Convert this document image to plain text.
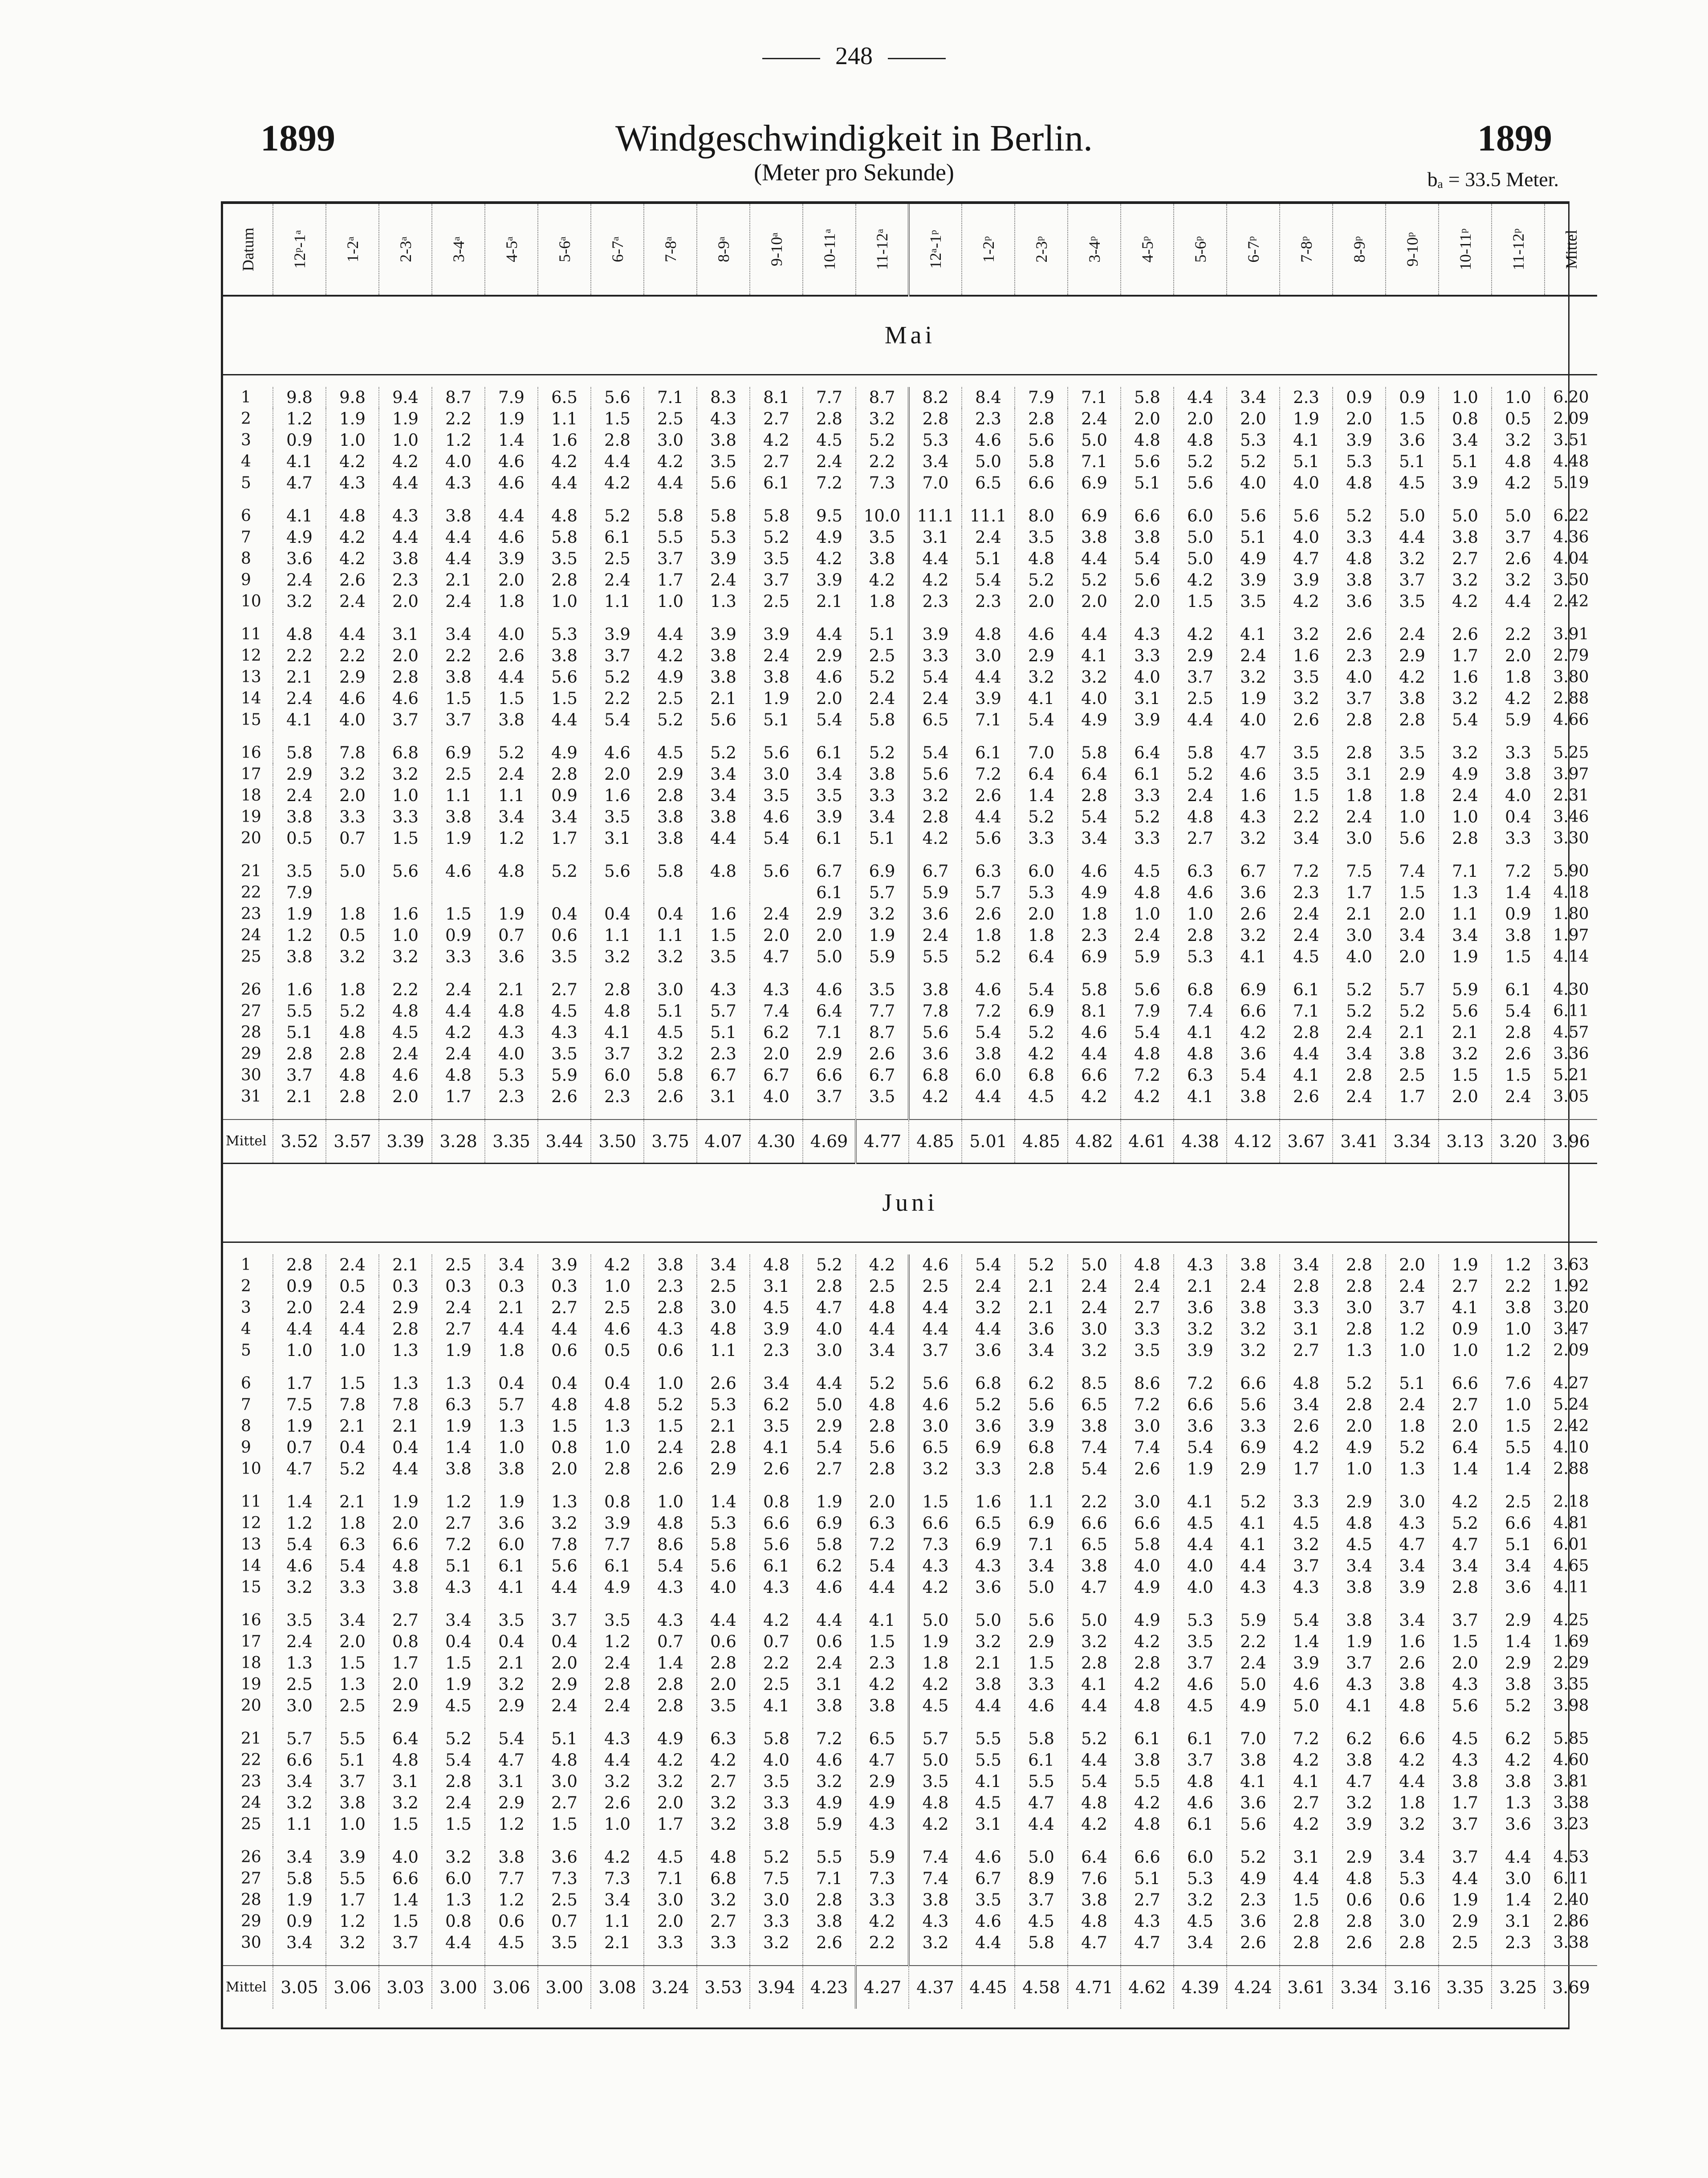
248
1899	Windgeschwindigkeit in Berlin.	1899
(Meter pro Sekunde)	bₐ = 33.5 Meter.
Datum	12ᵖ-1ᵃ	1-2ᵃ	2-3ᵃ	3-4ᵃ	4-5ᵃ	5-6ᵃ	6-7ᵃ	7-8ᵃ	8-9ᵃ	9-10ᵃ	10-11ᵃ	11-12ᵃ	12ᵃ-1ᵖ	1-2ᵖ	2-3ᵖ	3-4ᵖ	4-5ᵖ	5-6ᵖ	6-7ᵖ	7-8ᵖ	8-9ᵖ	9-10ᵖ	10-11ᵖ	11-12ᵖ	Mittel

Mai																									

1	9.8	9.8	9.4	8.7	7.9	6.5	5.6	7.1	8.3	8.1	7.7	8.7	8.2	8.4	7.9	7.1	5.8	4.4	3.4	2.3	0.9	0.9	1.0	1.0	6.20
2	1.2	1.9	1.9	2.2	1.9	1.1	1.5	2.5	4.3	2.7	2.8	3.2	2.8	2.3	2.8	2.4	2.0	2.0	2.0	1.9	2.0	1.5	0.8	0.5	2.09
3	0.9	1.0	1.0	1.2	1.4	1.6	2.8	3.0	3.8	4.2	4.5	5.2	5.3	4.6	5.6	5.0	4.8	4.8	5.3	4.1	3.9	3.6	3.4	3.2	3.51
4	4.1	4.2	4.2	4.0	4.6	4.2	4.4	4.2	3.5	2.7	2.4	2.2	3.4	5.0	5.8	7.1	5.6	5.2	5.2	5.1	5.3	5.1	5.1	4.8	4.48
5	4.7	4.3	4.4	4.3	4.6	4.4	4.2	4.4	5.6	6.1	7.2	7.3	7.0	6.5	6.6	6.9	5.1	5.6	4.0	4.0	4.8	4.5	3.9	4.2	5.19

6	4.1	4.8	4.3	3.8	4.4	4.8	5.2	5.8	5.8	5.8	9.5	10.0	11.1	11.1	8.0	6.9	6.6	6.0	5.6	5.6	5.2	5.0	5.0	5.0	6.22
7	4.9	4.2	4.4	4.4	4.6	5.8	6.1	5.5	5.3	5.2	4.9	3.5	3.1	2.4	3.5	3.8	3.8	5.0	5.1	4.0	3.3	4.4	3.8	3.7	4.36
8	3.6	4.2	3.8	4.4	3.9	3.5	2.5	3.7	3.9	3.5	4.2	3.8	4.4	5.1	4.8	4.4	5.4	5.0	4.9	4.7	4.8	3.2	2.7	2.6	4.04
9	2.4	2.6	2.3	2.1	2.0	2.8	2.4	1.7	2.4	3.7	3.9	4.2	4.2	5.4	5.2	5.2	5.6	4.2	3.9	3.9	3.8	3.7	3.2	3.2	3.50
10	3.2	2.4	2.0	2.4	1.8	1.0	1.1	1.0	1.3	2.5	2.1	1.8	2.3	2.3	2.0	2.0	2.0	1.5	3.5	4.2	3.6	3.5	4.2	4.4	2.42

11	4.8	4.4	3.1	3.4	4.0	5.3	3.9	4.4	3.9	3.9	4.4	5.1	3.9	4.8	4.6	4.4	4.3	4.2	4.1	3.2	2.6	2.4	2.6	2.2	3.91
12	2.2	2.2	2.0	2.2	2.6	3.8	3.7	4.2	3.8	2.4	2.9	2.5	3.3	3.0	2.9	4.1	3.3	2.9	2.4	1.6	2.3	2.9	1.7	2.0	2.79
13	2.1	2.9	2.8	3.8	4.4	5.6	5.2	4.9	3.8	3.8	4.6	5.2	5.4	4.4	3.2	3.2	4.0	3.7	3.2	3.5	4.0	4.2	1.6	1.8	3.80
14	2.4	4.6	4.6	1.5	1.5	1.5	2.2	2.5	2.1	1.9	2.0	2.4	2.4	3.9	4.1	4.0	3.1	2.5	1.9	3.2	3.7	3.8	3.2	4.2	2.88
15	4.1	4.0	3.7	3.7	3.8	4.4	5.4	5.2	5.6	5.1	5.4	5.8	6.5	7.1	5.4	4.9	3.9	4.4	4.0	2.6	2.8	2.8	5.4	5.9	4.66

16	5.8	7.8	6.8	6.9	5.2	4.9	4.6	4.5	5.2	5.6	6.1	5.2	5.4	6.1	7.0	5.8	6.4	5.8	4.7	3.5	2.8	3.5	3.2	3.3	5.25
17	2.9	3.2	3.2	2.5	2.4	2.8	2.0	2.9	3.4	3.0	3.4	3.8	5.6	7.2	6.4	6.4	6.1	5.2	4.6	3.5	3.1	2.9	4.9	3.8	3.97
18	2.4	2.0	1.0	1.1	1.1	0.9	1.6	2.8	3.4	3.5	3.5	3.3	3.2	2.6	1.4	2.8	3.3	2.4	1.6	1.5	1.8	1.8	2.4	4.0	2.31
19	3.8	3.3	3.3	3.8	3.4	3.4	3.5	3.8	3.8	4.6	3.9	3.4	2.8	4.4	5.2	5.4	5.2	4.8	4.3	2.2	2.4	1.0	1.0	0.4	3.46
20	0.5	0.7	1.5	1.9	1.2	1.7	3.1	3.8	4.4	5.4	6.1	5.1	4.2	5.6	3.3	3.4	3.3	2.7	3.2	3.4	3.0	5.6	2.8	3.3	3.30

21	3.5	5.0	5.6	4.6	4.8	5.2	5.6	5.8	4.8	5.6	6.7	6.9	6.7	6.3	6.0	4.6	4.5	6.3	6.7	7.2	7.5	7.4	7.1	7.2	5.90
22	7.9										6.1	5.7	5.9	5.7	5.3	4.9	4.8	4.6	3.6	2.3	1.7	1.5	1.3	1.4	4.18
23	1.9	1.8	1.6	1.5	1.9	0.4	0.4	0.4	1.6	2.4	2.9	3.2	3.6	2.6	2.0	1.8	1.0	1.0	2.6	2.4	2.1	2.0	1.1	0.9	1.80
24	1.2	0.5	1.0	0.9	0.7	0.6	1.1	1.1	1.5	2.0	2.0	1.9	2.4	1.8	1.8	2.3	2.4	2.8	3.2	2.4	3.0	3.4	3.4	3.8	1.97
25	3.8	3.2	3.2	3.3	3.6	3.5	3.2	3.2	3.5	4.7	5.0	5.9	5.5	5.2	6.4	6.9	5.9	5.3	4.1	4.5	4.0	2.0	1.9	1.5	4.14

26	1.6	1.8	2.2	2.4	2.1	2.7	2.8	3.0	4.3	4.3	4.6	3.5	3.8	4.6	5.4	5.8	5.6	6.8	6.9	6.1	5.2	5.7	5.9	6.1	4.30
27	5.5	5.2	4.8	4.4	4.8	4.5	4.8	5.1	5.7	7.4	6.4	7.7	7.8	7.2	6.9	8.1	7.9	7.4	6.6	7.1	5.2	5.2	5.6	5.4	6.11
28	5.1	4.8	4.5	4.2	4.3	4.3	4.1	4.5	5.1	6.2	7.1	8.7	5.6	5.4	5.2	4.6	5.4	4.1	4.2	2.8	2.4	2.1	2.1	2.8	4.57
29	2.8	2.8	2.4	2.4	4.0	3.5	3.7	3.2	2.3	2.0	2.9	2.6	3.6	3.8	4.2	4.4	4.8	4.8	3.6	4.4	3.4	3.8	3.2	2.6	3.36
30	3.7	4.8	4.6	4.8	5.3	5.9	6.0	5.8	6.7	6.7	6.6	6.7	6.8	6.0	6.8	6.6	7.2	6.3	5.4	4.1	2.8	2.5	1.5	1.5	5.21
31	2.1	2.8	2.0	1.7	2.3	2.6	2.3	2.6	3.1	4.0	3.7	3.5	4.2	4.4	4.5	4.2	4.2	4.1	3.8	2.6	2.4	1.7	2.0	2.4	3.05

Mittel	3.52	3.57	3.39	3.28	3.35	3.44	3.50	3.75	4.07	4.30	4.69	4.77	4.85	5.01	4.85	4.82	4.61	4.38	4.12	3.67	3.41	3.34	3.13	3.20	3.96
Juni																									

1	2.8	2.4	2.1	2.5	3.4	3.9	4.2	3.8	3.4	4.8	5.2	4.2	4.6	5.4	5.2	5.0	4.8	4.3	3.8	3.4	2.8	2.0	1.9	1.2	3.63
2	0.9	0.5	0.3	0.3	0.3	0.3	1.0	2.3	2.5	3.1	2.8	2.5	2.5	2.4	2.1	2.4	2.4	2.1	2.4	2.8	2.8	2.4	2.7	2.2	1.92
3	2.0	2.4	2.9	2.4	2.1	2.7	2.5	2.8	3.0	4.5	4.7	4.8	4.4	3.2	2.1	2.4	2.7	3.6	3.8	3.3	3.0	3.7	4.1	3.8	3.20
4	4.4	4.4	2.8	2.7	4.4	4.4	4.6	4.3	4.8	3.9	4.0	4.4	4.4	4.4	3.6	3.0	3.3	3.2	3.2	3.1	2.8	1.2	0.9	1.0	3.47
5	1.0	1.0	1.3	1.9	1.8	0.6	0.5	0.6	1.1	2.3	3.0	3.4	3.7	3.6	3.4	3.2	3.5	3.9	3.2	2.7	1.3	1.0	1.0	1.2	2.09

6	1.7	1.5	1.3	1.3	0.4	0.4	0.4	1.0	2.6	3.4	4.4	5.2	5.6	6.8	6.2	8.5	8.6	7.2	6.6	4.8	5.2	5.1	6.6	7.6	4.27
7	7.5	7.8	7.8	6.3	5.7	4.8	4.8	5.2	5.3	6.2	5.0	4.8	4.6	5.2	5.6	6.5	7.2	6.6	5.6	3.4	2.8	2.4	2.7	1.0	5.24
8	1.9	2.1	2.1	1.9	1.3	1.5	1.3	1.5	2.1	3.5	2.9	2.8	3.0	3.6	3.9	3.8	3.0	3.6	3.3	2.6	2.0	1.8	2.0	1.5	2.42
9	0.7	0.4	0.4	1.4	1.0	0.8	1.0	2.4	2.8	4.1	5.4	5.6	6.5	6.9	6.8	7.4	7.4	5.4	6.9	4.2	4.9	5.2	6.4	5.5	4.10
10	4.7	5.2	4.4	3.8	3.8	2.0	2.8	2.6	2.9	2.6	2.7	2.8	3.2	3.3	2.8	5.4	2.6	1.9	2.9	1.7	1.0	1.3	1.4	1.4	2.88

11	1.4	2.1	1.9	1.2	1.9	1.3	0.8	1.0	1.4	0.8	1.9	2.0	1.5	1.6	1.1	2.2	3.0	4.1	5.2	3.3	2.9	3.0	4.2	2.5	2.18
12	1.2	1.8	2.0	2.7	3.6	3.2	3.9	4.8	5.3	6.6	6.9	6.3	6.6	6.5	6.9	6.6	6.6	4.5	4.1	4.5	4.8	4.3	5.2	6.6	4.81
13	5.4	6.3	6.6	7.2	6.0	7.8	7.7	8.6	5.8	5.6	5.8	7.2	7.3	6.9	7.1	6.5	5.8	4.4	4.1	3.2	4.5	4.7	4.7	5.1	6.01
14	4.6	5.4	4.8	5.1	6.1	5.6	6.1	5.4	5.6	6.1	6.2	5.4	4.3	4.3	3.4	3.8	4.0	4.0	4.4	3.7	3.4	3.4	3.4	3.4	4.65
15	3.2	3.3	3.8	4.3	4.1	4.4	4.9	4.3	4.0	4.3	4.6	4.4	4.2	3.6	5.0	4.7	4.9	4.0	4.3	4.3	3.8	3.9	2.8	3.6	4.11

16	3.5	3.4	2.7	3.4	3.5	3.7	3.5	4.3	4.4	4.2	4.4	4.1	5.0	5.0	5.6	5.0	4.9	5.3	5.9	5.4	3.8	3.4	3.7	2.9	4.25
17	2.4	2.0	0.8	0.4	0.4	0.4	1.2	0.7	0.6	0.7	0.6	1.5	1.9	3.2	2.9	3.2	4.2	3.5	2.2	1.4	1.9	1.6	1.5	1.4	1.69
18	1.3	1.5	1.7	1.5	2.1	2.0	2.4	1.4	2.8	2.2	2.4	2.3	1.8	2.1	1.5	2.8	2.8	3.7	2.4	3.9	3.7	2.6	2.0	2.9	2.29
19	2.5	1.3	2.0	1.9	3.2	2.9	2.8	2.8	2.0	2.5	3.1	4.2	4.2	3.8	3.3	4.1	4.2	4.6	5.0	4.6	4.3	3.8	4.3	3.8	3.35
20	3.0	2.5	2.9	4.5	2.9	2.4	2.4	2.8	3.5	4.1	3.8	3.8	4.5	4.4	4.6	4.4	4.8	4.5	4.9	5.0	4.1	4.8	5.6	5.2	3.98

21	5.7	5.5	6.4	5.2	5.4	5.1	4.3	4.9	6.3	5.8	7.2	6.5	5.7	5.5	5.8	5.2	6.1	6.1	7.0	7.2	6.2	6.6	4.5	6.2	5.85
22	6.6	5.1	4.8	5.4	4.7	4.8	4.4	4.2	4.2	4.0	4.6	4.7	5.0	5.5	6.1	4.4	3.8	3.7	3.8	4.2	3.8	4.2	4.3	4.2	4.60
23	3.4	3.7	3.1	2.8	3.1	3.0	3.2	3.2	2.7	3.5	3.2	2.9	3.5	4.1	5.5	5.4	5.5	4.8	4.1	4.1	4.7	4.4	3.8	3.8	3.81
24	3.2	3.8	3.2	2.4	2.9	2.7	2.6	2.0	3.2	3.3	4.9	4.9	4.8	4.5	4.7	4.8	4.2	4.6	3.6	2.7	3.2	1.8	1.7	1.3	3.38
25	1.1	1.0	1.5	1.5	1.2	1.5	1.0	1.7	3.2	3.8	5.9	4.3	4.2	3.1	4.4	4.2	4.8	6.1	5.6	4.2	3.9	3.2	3.7	3.6	3.23

26	3.4	3.9	4.0	3.2	3.8	3.6	4.2	4.5	4.8	5.2	5.5	5.9	7.4	4.6	5.0	6.4	6.6	6.0	5.2	3.1	2.9	3.4	3.7	4.4	4.53
27	5.8	5.5	6.6	6.0	7.7	7.3	7.3	7.1	6.8	7.5	7.1	7.3	7.4	6.7	8.9	7.6	5.1	5.3	4.9	4.4	4.8	5.3	4.4	3.0	6.11
28	1.9	1.7	1.4	1.3	1.2	2.5	3.4	3.0	3.2	3.0	2.8	3.3	3.8	3.5	3.7	3.8	2.7	3.2	2.3	1.5	0.6	0.6	1.9	1.4	2.40
29	0.9	1.2	1.5	0.8	0.6	0.7	1.1	2.0	2.7	3.3	3.8	4.2	4.3	4.6	4.5	4.8	4.3	4.5	3.6	2.8	2.8	3.0	2.9	3.1	2.86
30	3.4	3.2	3.7	4.4	4.5	3.5	2.1	3.3	3.3	3.2	2.6	2.2	3.2	4.4	5.8	4.7	4.7	3.4	2.6	2.8	2.6	2.8	2.5	2.3	3.38

Mittel	3.05	3.06	3.03	3.00	3.06	3.00	3.08	3.24	3.53	3.94	4.23	4.27	4.37	4.45	4.58	4.71	4.62	4.39	4.24	3.61	3.34	3.16	3.35	3.25	3.69
